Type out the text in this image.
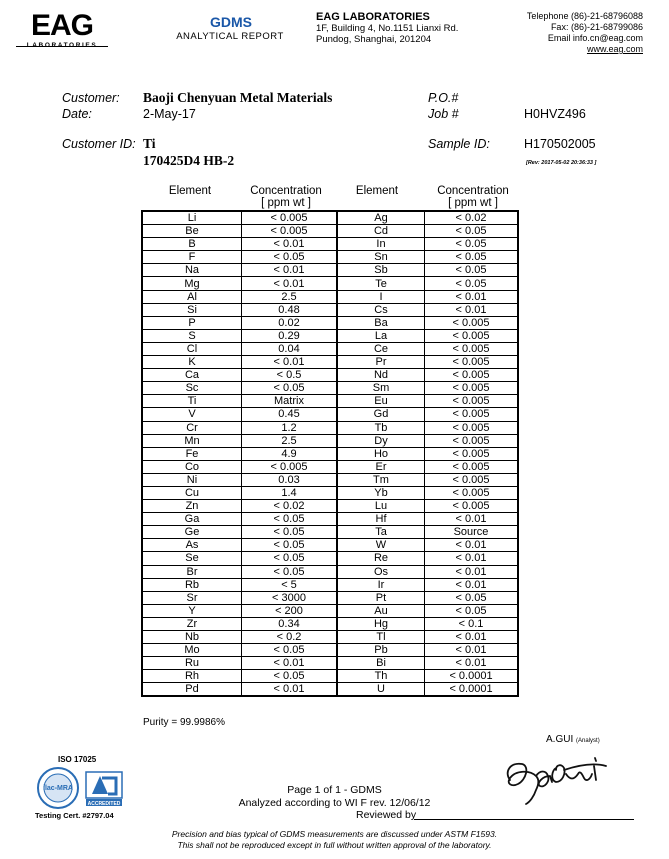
EAG
LABORATORIES
GDMS
ANALYTICAL REPORT
EAG LABORATORIES
1F, Building 4, No.1151 Lianxi Rd.
Pundog, Shanghai, 201204
Telephone (86)-21-68796088
Fax: (86)-21-68799086
Email info.cn@eag.com
www.eag.com
Customer: Baoji Chenyuan Metal Materials
Date:	2-May-17
P.O.#
Job #	H0HVZ496
Customer ID: Ti
170425D4 HB-2
Sample ID:	H170502005
[Rev: 2017-05-02 20:36:33 ]
Element	Concentration
[ ppm wt ]
Element	Concentration
[ ppm wt ]
Li	< 0.005	Ag	< 0.02
Be	< 0.005	Cd	< 0.05
B	< 0.01	In	< 0.05
F	< 0.05	Sn	< 0.05
Na	< 0.01	Sb	< 0.05
Mg	< 0.01	Te	< 0.05
Al	2.5	I	< 0.01
Si	0.48	Cs	< 0.01
P	0.02	Ba	< 0.005
S	0.29	La	< 0.005
Cl	0.04	Ce	< 0.005
K	< 0.01	Pr	< 0.005
Ca	< 0.5	Nd	< 0.005
Sc	< 0.05	Sm	< 0.005
Ti	Matrix	Eu	< 0.005
V	0.45	Gd	< 0.005
Cr	1.2	Tb	< 0.005
Mn	2.5	Dy	< 0.005
Fe	4.9	Ho	< 0.005
Co	< 0.005	Er	< 0.005
Ni	0.03	Tm	< 0.005
Cu	1.4	Yb	< 0.005
Zn	< 0.02	Lu	< 0.005
Ga	< 0.05	Hf	< 0.01
Ge	< 0.05	Ta	Source
As	< 0.05	W	< 0.01
Se	< 0.05	Re	< 0.01
Br	< 0.05	Os	< 0.01
Rb	< 5	Ir	< 0.01
Sr	< 3000	Pt	< 0.05
Y	< 200	Au	< 0.05
Zr	0.34	Hg	< 0.1
Nb	< 0.2	Tl	< 0.01
Mo	< 0.05	Pb	< 0.01
Ru	< 0.01	Bi	< 0.01
Rh	< 0.05	Th	< 0.0001
Pd	< 0.01	U	< 0.0001
Purity = 99.9986%
ISO 17025
ilac-MRA
ACCREDITED
Testing Cert. #2797.04
A.GUI (Analyst)
Page 1 of 1 - GDMS
Analyzed according to WI F rev. 12/06/12
Reviewed by
Precision and bias typical of GDMS measurements are discussed under ASTM F1593.
This shall not be reproduced except in full without written approval of the laboratory.
